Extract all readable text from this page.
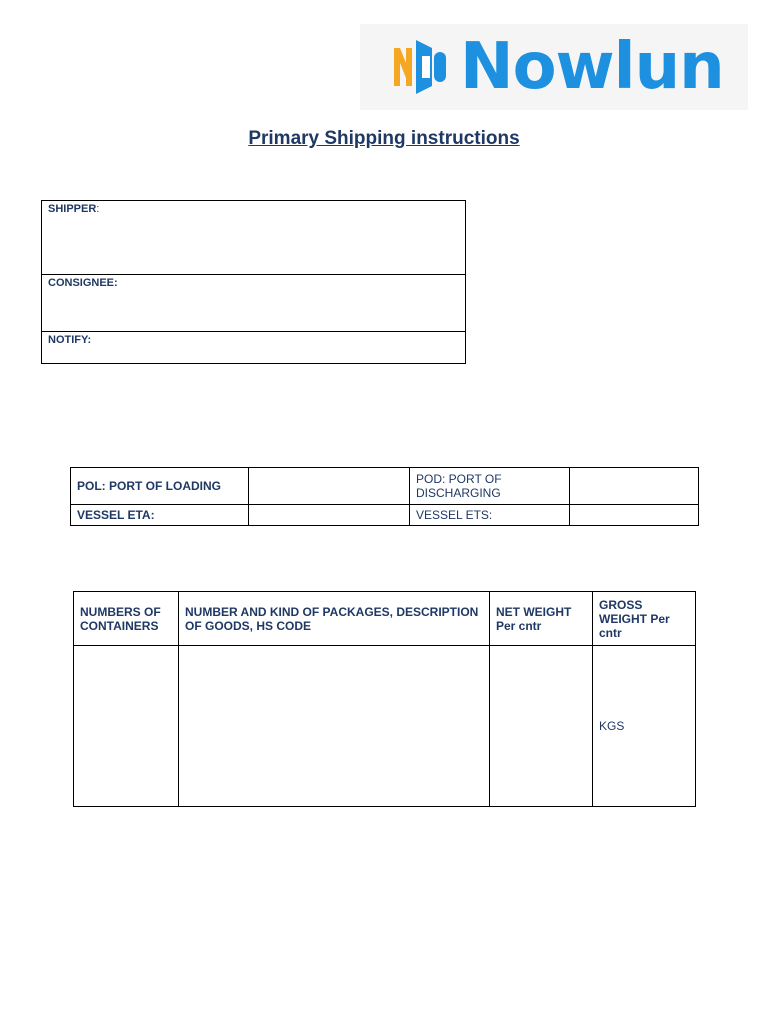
Nowlun
Primary Shipping instructions
SHIPPER:
CONSIGNEE:
NOTIFY:
POL: PORT OF LOADING		POD: PORT OF DISCHARGING	
VESSEL ETA:		VESSEL ETS:	
NUMBERS OF CONTAINERS	NUMBER AND KIND OF PACKAGES, DESCRIPTION OF GOODS, HS CODE	NET WEIGHT Per cntr	GROSS WEIGHT Per cntr
			KGS
